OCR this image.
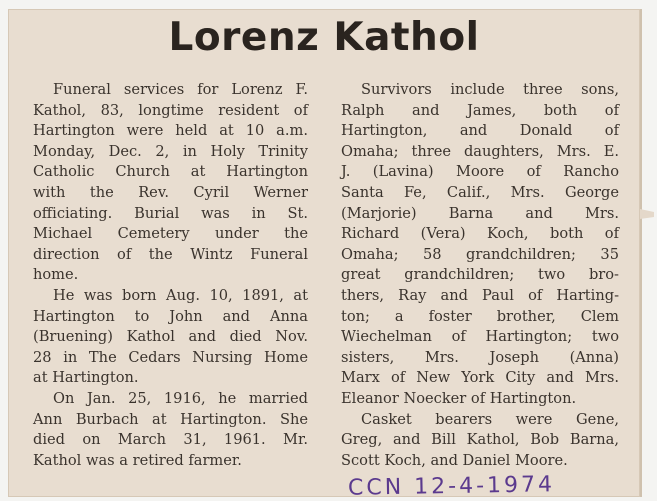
Lorenz Kathol
Funeral services for Lorenz F.
Kathol, 83, longtime resident of
Hartington were held at 10 a.m.
Monday, Dec. 2, in Holy Trinity
Catholic Church at Hartington
with the Rev. Cyril Werner
officiating. Burial was in St.
Michael Cemetery under the
direction of the Wintz Funeral
home.
He was born Aug. 10, 1891, at
Hartington to John and Anna
(Bruening) Kathol and died Nov.
28 in The Cedars Nursing Home
at Hartington.
On Jan. 25, 1916, he married
Ann Burbach at Hartington. She
died on March 31, 1961. Mr.
Kathol was a retired farmer.
Survivors include three sons,
Ralph and James, both of
Hartington, and Donald of
Omaha; three daughters, Mrs. E.
J. (Lavina) Moore of Rancho
Santa Fe, Calif., Mrs. George
(Marjorie) Barna and Mrs.
Richard (Vera) Koch, both of
Omaha; 58 grandchildren; 35
great grandchildren; two bro-
thers, Ray and Paul of Harting-
ton; a foster brother, Clem
Wiechelman of Hartington; two
sisters, Mrs. Joseph (Anna)
Marx of New York City and Mrs.
Eleanor Noecker of Hartington.
Casket bearers were Gene,
Greg, and Bill Kathol, Bob Barna,
Scott Koch, and Daniel Moore.
CCN 12-4-1974
